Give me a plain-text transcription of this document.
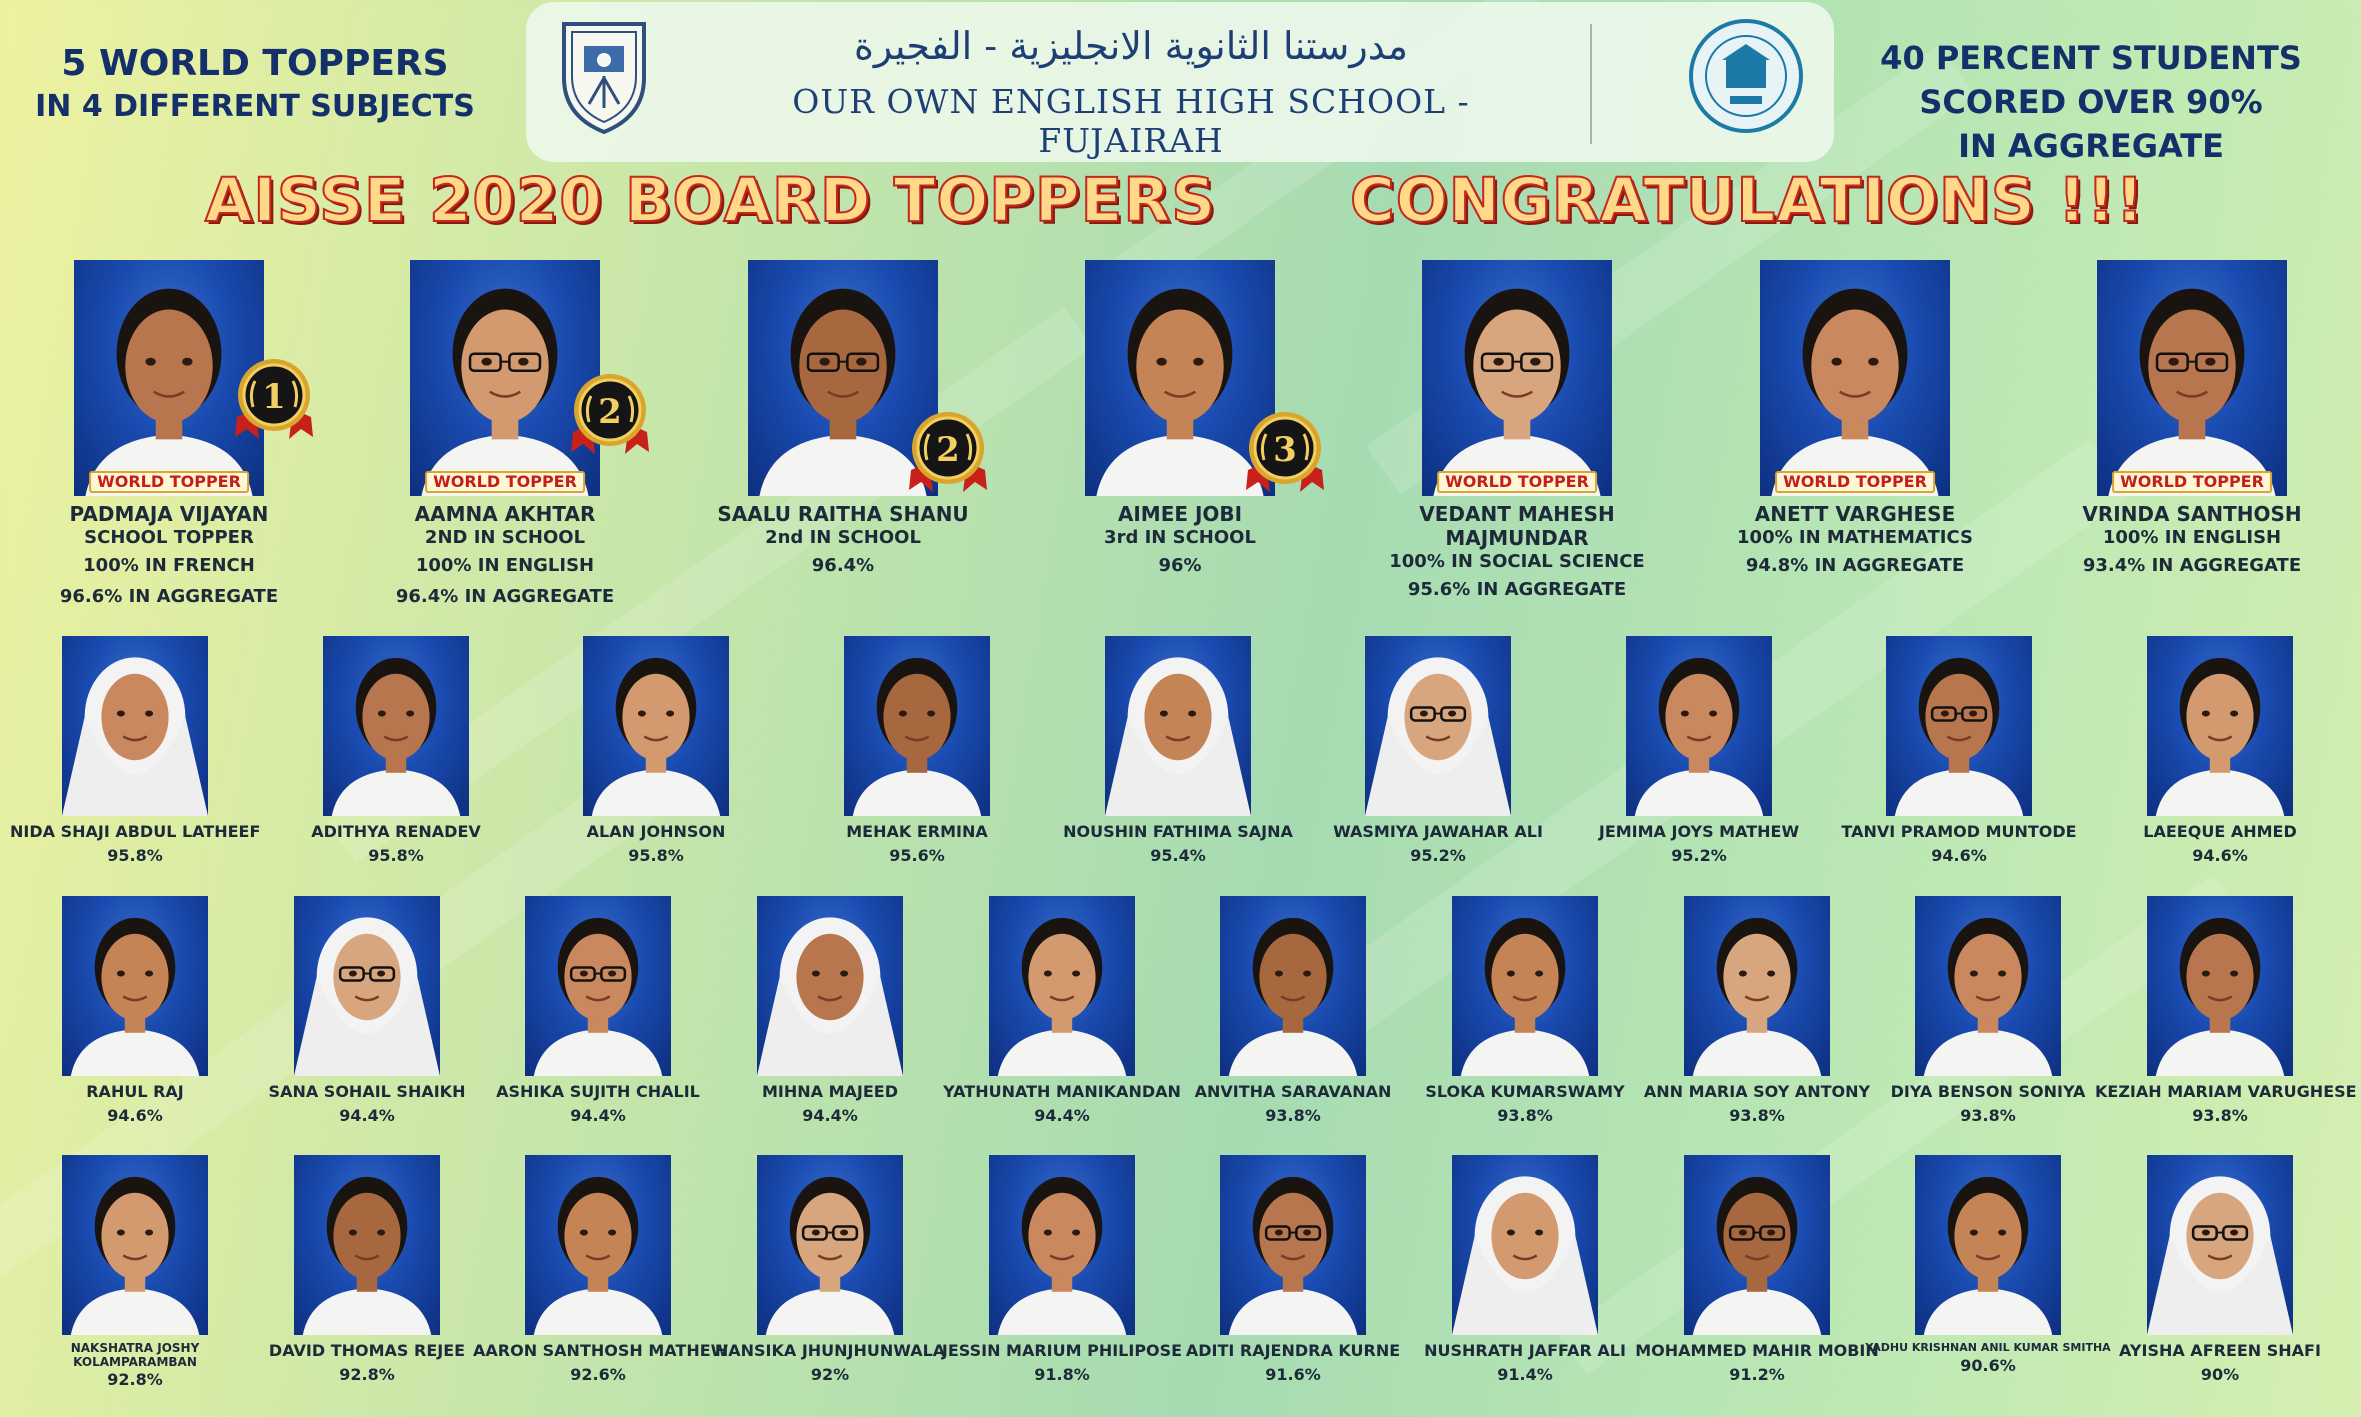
5 WORLD TOPPERS
IN 4 DIFFERENT SUBJECTS
مدرستنا الثانوية الانجليزية - الفجيرة
OUR OWN ENGLISH HIGH SCHOOL - FUJAIRAH
40 PERCENT STUDENTS
SCORED OVER 90%
IN AGGREGATE
AISSE 2020 BOARD TOPPERS CONGRATULATIONS !!!
WORLD TOPPER
1
PADMAJA VIJAYAN
SCHOOL TOPPER
100% IN FRENCH
96.6% IN AGGREGATE
WORLD TOPPER
2
AAMNA AKHTAR
2ND IN SCHOOL
100% IN ENGLISH
96.4% IN AGGREGATE
2
SAALU RAITHA SHANU
2nd IN SCHOOL
96.4%
3
AIMEE JOBI
3rd IN SCHOOL
96%
WORLD TOPPER
VEDANT MAHESH MAJMUNDAR
100% IN SOCIAL SCIENCE
95.6% IN AGGREGATE
WORLD TOPPER
ANETT VARGHESE
100% IN MATHEMATICS
94.8% IN AGGREGATE
WORLD TOPPER
VRINDA SANTHOSH
100% IN ENGLISH
93.4% IN AGGREGATE
NIDA SHAJI ABDUL LATHEEF
95.8%
ADITHYA RENADEV
95.8%
ALAN JOHNSON
95.8%
MEHAK ERMINA
95.6%
NOUSHIN FATHIMA SAJNA
95.4%
WASMIYA JAWAHAR ALI
95.2%
JEMIMA JOYS MATHEW
95.2%
TANVI PRAMOD MUNTODE
94.6%
LAEEQUE AHMED
94.6%
RAHUL RAJ
94.6%
SANA SOHAIL SHAIKH
94.4%
ASHIKA SUJITH CHALIL
94.4%
MIHNA MAJEED
94.4%
YATHUNATH MANIKANDAN
94.4%
ANVITHA SARAVANAN
93.8%
SLOKA KUMARSWAMY
93.8%
ANN MARIA SOY ANTONY
93.8%
DIYA BENSON SONIYA
93.8%
KEZIAH MARIAM VARUGHESE
93.8%
NAKSHATRA JOSHY KOLAMPARAMBAN
92.8%
DAVID THOMAS REJEE
92.8%
AARON SANTHOSH MATHEW
92.6%
HANSIKA JHUNJHUNWALA
92%
JESSIN MARIUM PHILIPOSE
91.8%
ADITI RAJENDRA KURNE
91.6%
NUSHRATH JAFFAR ALI
91.4%
MOHAMMED MAHIR MOBIN
91.2%
YADHU KRISHNAN ANIL KUMAR SMITHA
90.6%
AYISHA AFREEN SHAFI
90%
